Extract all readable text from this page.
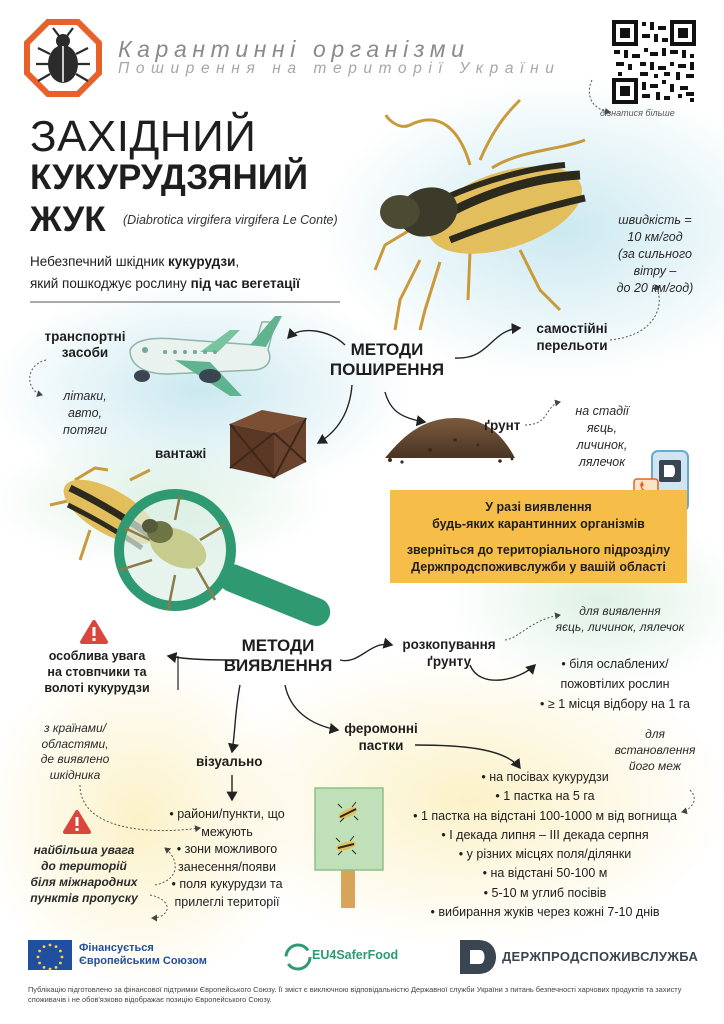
Карантинні організми
Поширення на території України
дізнатися більше
ЗАХІДНИЙ
КУКУРУДЗЯНИЙ
ЖУК (Diabrotica virgifera virgifera Le Conte)
Небезпечний шкідник кукурудзи,
який пошкоджує рослину під час вегетації
швидкість =
10 км/год
(за сильного
вітру –
до 20 км/год)
МЕТОДИ
ПОШИРЕННЯ
транспортні
засоби
літаки,
авто,
потяги
вантажі
самостійні
перельоти
ґрунт
на стадії
яєць,
личинок,
лялечок
У разі виявлення
будь-яких карантинних організмів
зверніться до територіального підрозділу
Держпродспоживслужби у вашій області
МЕТОДИ
ВИЯВЛЕННЯ
особлива увага
на стовпчики та
волоті кукурудзи
розкопування
ґрунту
для виявлення
яєць, личинок, лялечок
• біля ослаблених/
пожовтілих рослин
• ≥ 1 місця відбору на 1 га
феромонні
пастки
для
встановлення
його меж
• на посівах кукурудзи
• 1 пастка на 5 га
• 1 пастка на відстані 100-1000 м від вогнища
• І декада липня – ІІІ декада серпня
• у різних місцях поля/ділянки
• на відстані 50-100 м
• 5-10 м углиб посівів
• вибирання жуків через кожні 7-10 днів
візуально
з країнами/
областями,
де виявлено
шкідника
• райони/пункти, що
межують
• зони можливого
занесення/появи
• поля кукурудзи та
прилеглі території
найбільша увага
до територій
біля міжнародних
пунктів пропуску
Фінансується
Європейським Союзом	EU4SaferFood	ДЕРЖПРОДСПОЖИВСЛУЖБА
Публікацію підготовлено за фінансової підтримки Європейського Союзу. Її зміст є виключною відповідальністю Державної служби України з питань безпечності харчових продуктів та захисту споживачів і не обов'язково відображає позицію Європейського Союзу.
